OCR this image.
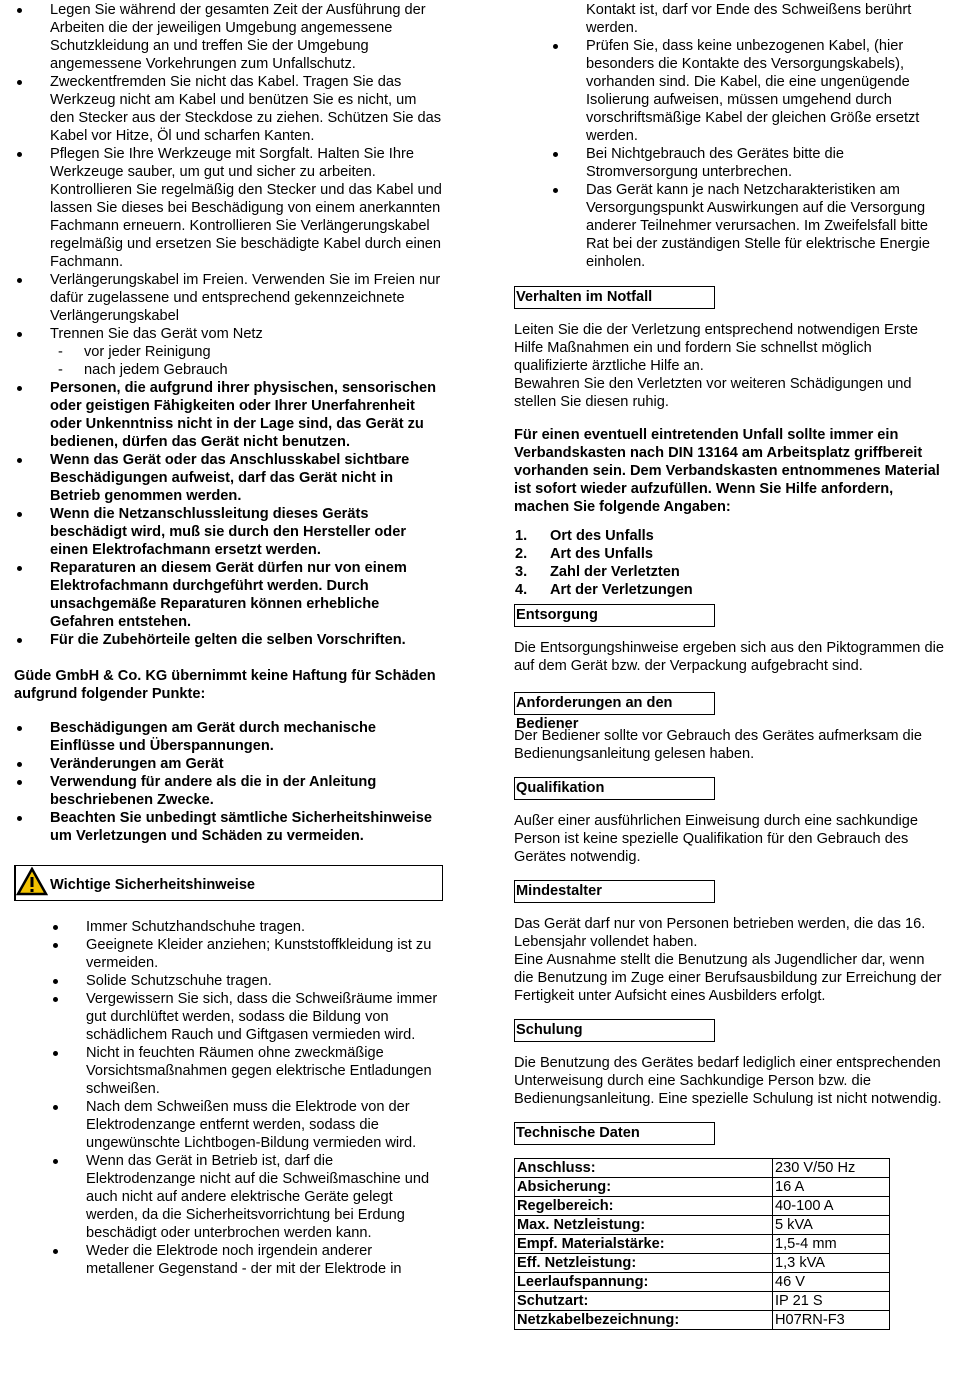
Legen Sie während der gesamten Zeit der Ausführung der Arbeiten die der jeweiligen Umgebung angemessene Schutzkleidung an und treffen Sie der Umgebung angemessene Vorkehrungen zum Unfallschutz.
Zweckentfremden Sie nicht das Kabel. Tragen Sie das Werkzeug nicht am Kabel und benützen Sie es nicht, um den Stecker aus der Steckdose zu ziehen. Schützen Sie das Kabel vor Hitze, Öl und scharfen Kanten.
Pflegen Sie Ihre Werkzeuge mit Sorgfalt. Halten Sie Ihre Werkzeuge sauber, um gut und sicher zu arbeiten. Kontrollieren Sie regelmäßig den Stecker und das Kabel und lassen Sie dieses bei Beschädigung von einem anerkannten Fachmann erneuern. Kontrollieren Sie Verlängerungskabel regelmäßig und ersetzen Sie beschädigte Kabel durch einen Fachmann.
Verlängerungskabel im Freien. Verwenden Sie im Freien nur dafür zugelassene und entsprechend gekennzeichnete Verlängerungskabel
Trennen Sie das Gerät vom Netz
- vor jeder Reinigung
- nach jedem Gebrauch
Personen, die aufgrund ihrer physischen, sensorischen oder geistigen Fähigkeiten oder Ihrer Unerfahrenheit oder Unkenntniss nicht in der Lage sind, das Gerät zu bedienen, dürfen das Gerät nicht benutzen.
Wenn das Gerät oder das Anschlusskabel sichtbare Beschädigungen aufweist, darf das Gerät nicht in Betrieb genommen werden.
Wenn die Netzanschlussleitung dieses Geräts beschädigt wird, muß sie durch den Hersteller oder einen Elektrofachmann ersetzt werden.
Reparaturen an diesem Gerät dürfen nur von einem Elektrofachmann durchgeführt werden. Durch unsachgemäße Reparaturen können erhebliche Gefahren entstehen.
Für die Zubehörteile gelten die selben Vorschriften.
Güde GmbH & Co. KG übernimmt keine Haftung für Schäden aufgrund folgender Punkte:
Beschädigungen am Gerät durch mechanische Einflüsse und Überspannungen.
Veränderungen am Gerät
Verwendung für andere als die in der Anleitung beschriebenen Zwecke.
Beachten Sie unbedingt sämtliche Sicherheitshinweise um Verletzungen und Schäden zu vermeiden.
Wichtige Sicherheitshinweise
Immer Schutzhandschuhe tragen.
Geeignete Kleider anziehen; Kunststoffkleidung ist zu vermeiden.
Solide Schutzschuhe tragen.
Vergewissern Sie sich, dass die Schweißräume immer gut durchlüftet werden, sodass die Bildung von schädlichem Rauch und Giftgasen vermieden wird.
Nicht in feuchten Räumen ohne zweckmäßige Vorsichtsmaßnahmen gegen elektrische Entladungen schweißen.
Nach dem Schweißen muss die Elektrode von der Elektrodenzange entfernt werden, sodass die ungewünschte Lichtbogen-Bildung vermieden wird.
Wenn das Gerät in Betrieb ist, darf die Elektrodenzange nicht auf die Schweißmaschine und auch nicht auf andere elektrische Geräte gelegt werden, da die Sicherheitsvorrichtung bei Erdung beschädigt oder unterbrochen werden kann.
Weder die Elektrode noch irgendein anderer metallener Gegenstand - der mit der Elektrode in
Kontakt ist, darf vor Ende des Schweißens berührt werden.
Prüfen Sie, dass keine unbezogenen Kabel, (hier besonders die Kontakte des Versorgungskabels), vorhanden sind. Die Kabel, die eine ungenügende Isolierung aufweisen, müssen umgehend durch vorschriftsmäßige Kabel der gleichen Größe ersetzt werden.
Bei Nichtgebrauch des Gerätes bitte die Stromversorgung unterbrechen.
Das Gerät kann je nach Netzcharakteristiken am Versorgungspunkt Auswirkungen auf die Versorgung anderer Teilnehmer verursachen. Im Zweifelsfall bitte Rat bei der zuständigen Stelle für elektrische Energie einholen.
Verhalten im Notfall
Leiten Sie die der Verletzung entsprechend notwendigen Erste Hilfe Maßnahmen ein und fordern Sie schnellst möglich qualifizierte ärztliche Hilfe an.
Bewahren Sie den Verletzten vor weiteren Schädigungen und stellen Sie diesen ruhig.
Für einen eventuell eintretenden Unfall sollte immer ein Verbandskasten nach DIN 13164 am Arbeitsplatz griffbereit vorhanden sein. Dem Verbandskasten entnommenes Material ist sofort wieder aufzufüllen. Wenn Sie Hilfe anfordern,
machen Sie folgende Angaben:
1. Ort des Unfalls
2. Art des Unfalls
3. Zahl der Verletzten
4. Art der Verletzungen
Entsorgung
Die Entsorgungshinweise ergeben sich aus den Piktogrammen die auf dem Gerät bzw. der Verpackung aufgebracht sind.
Anforderungen an den Bediener
Der Bediener sollte vor Gebrauch des Gerätes aufmerksam die Bedienungsanleitung gelesen haben.
Qualifikation
Außer einer ausführlichen Einweisung durch eine sachkundige Person ist keine spezielle Qualifikation für den Gebrauch des Gerätes notwendig.
Mindestalter
Das Gerät darf nur von Personen betrieben werden, die das 16. Lebensjahr vollendet haben.
Eine Ausnahme stellt die Benutzung als Jugendlicher dar, wenn die Benutzung im Zuge einer Berufsausbildung zur Erreichung der Fertigkeit unter Aufsicht eines Ausbilders erfolgt.
Schulung
Die Benutzung des Gerätes bedarf lediglich einer entsprechenden Unterweisung durch eine Sachkundige Person bzw. die Bedienungsanleitung. Eine spezielle Schulung ist nicht notwendig.
Technische Daten
Anschluss:	230 V/50 Hz
Absicherung:	16 A
Regelbereich:	40-100 A
Max. Netzleistung:	5 kVA
Empf. Materialstärke:	1,5-4 mm
Eff. Netzleistung:	1,3 kVA
Leerlaufspannung:	46 V
Schutzart:	IP 21 S
Netzkabelbezeichnung:	H07RN-F3
